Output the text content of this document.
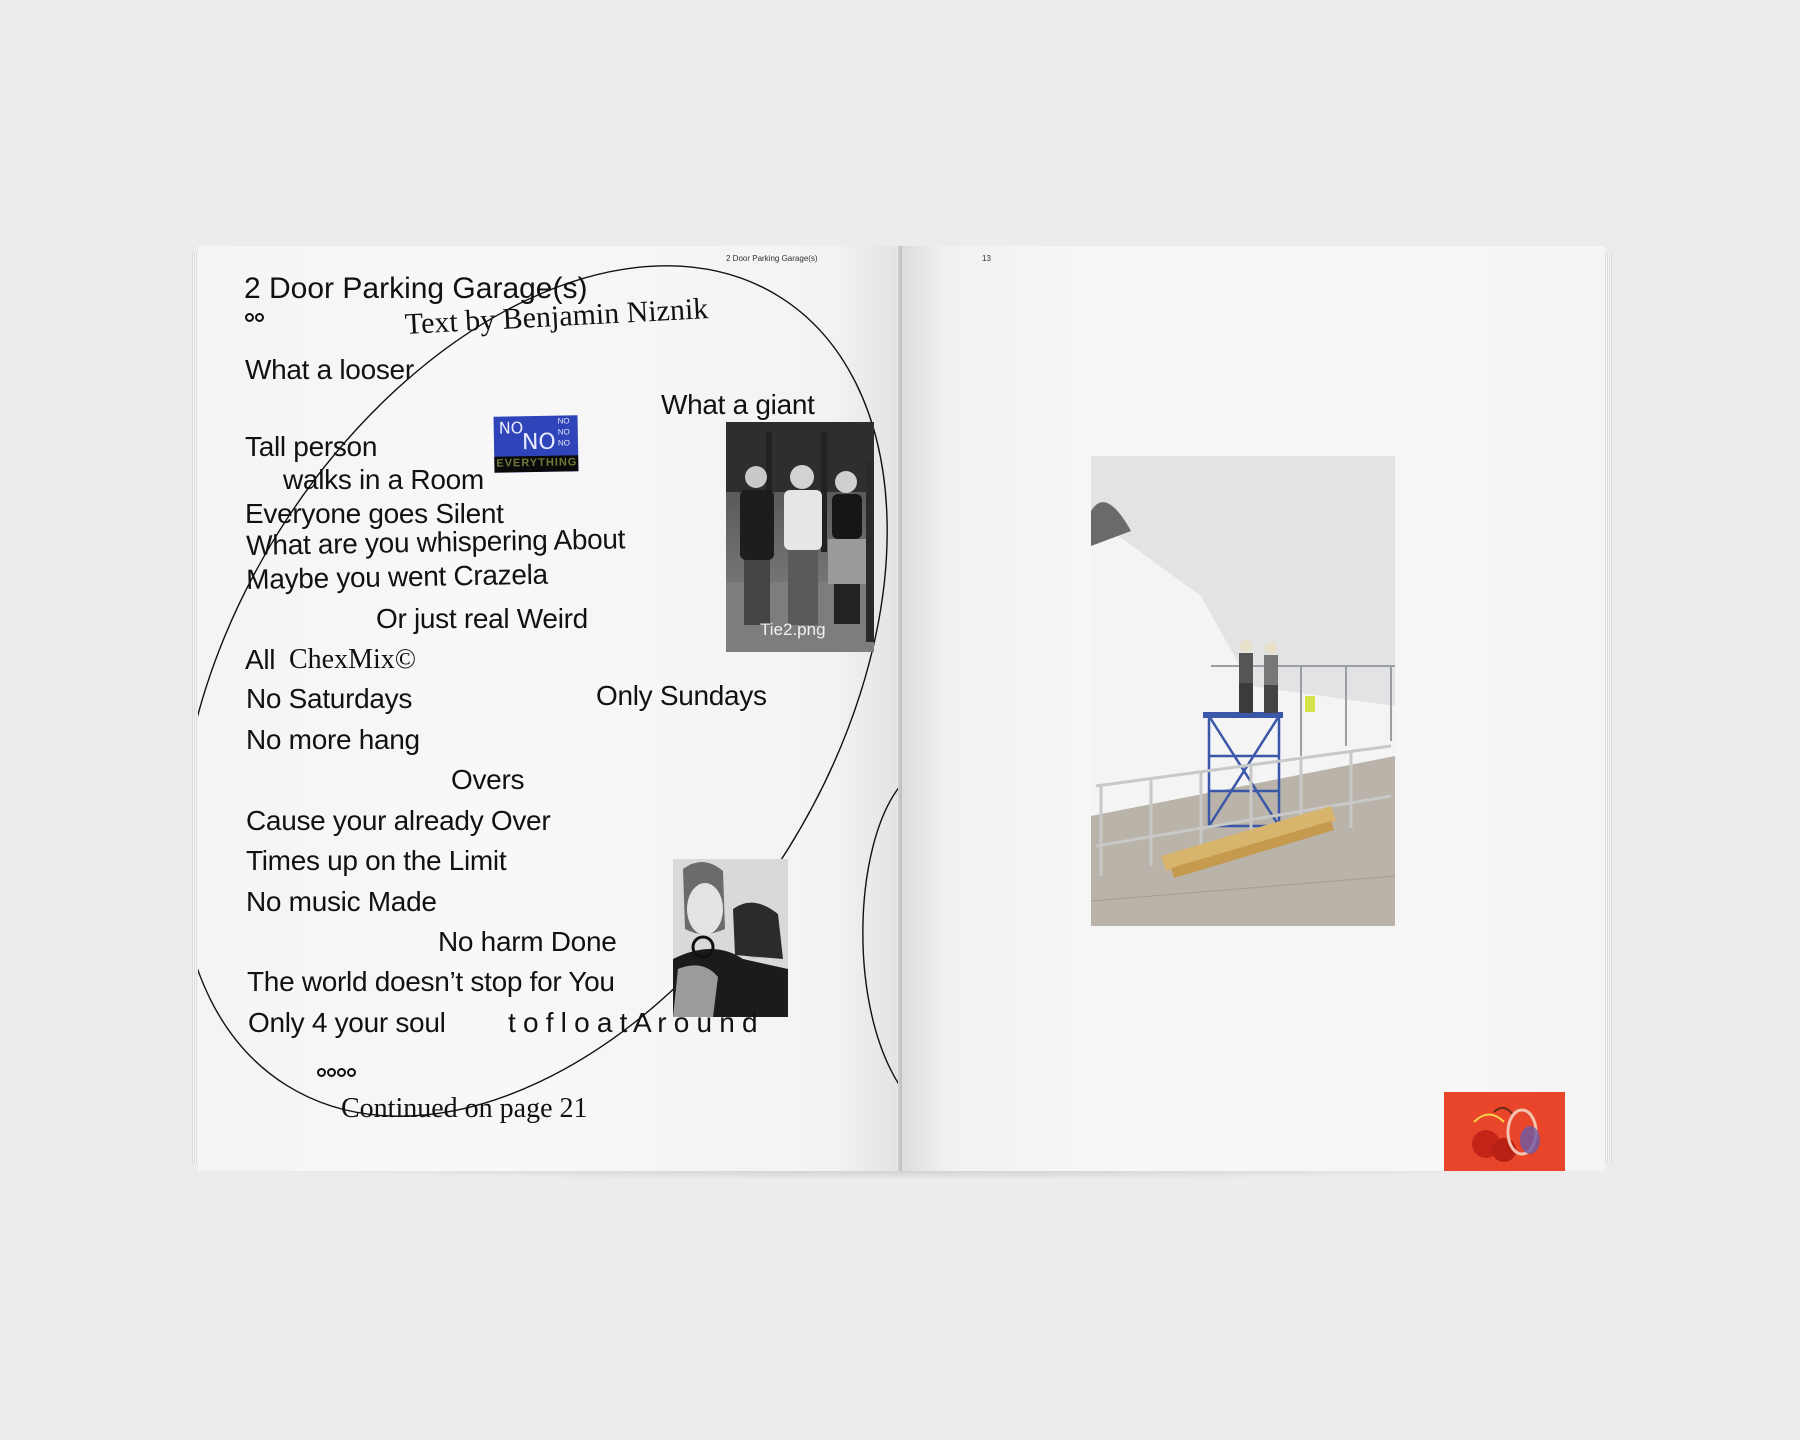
2 Door Parking Garage(s)
2 Door Parking Garage(s)
Text by Benjamin Niznik
What a looser
What a giant
NO
NO
NO
NO
NO
EVERYTHING
Tall person
walks in a Room
Everyone goes Silent
What are you whispering About
Maybe you went Crazela
Tie2.png
Or just real Weird
All ChexMix©
No Saturdays	Only Sundays
No more hang
Overs
Cause your already Over
Times up on the Limit
No music Made
No harm Done
The world doesn’t stop for You
Only 4 your soul t o f l o a t A r o u n d
Continued on page 21
13
